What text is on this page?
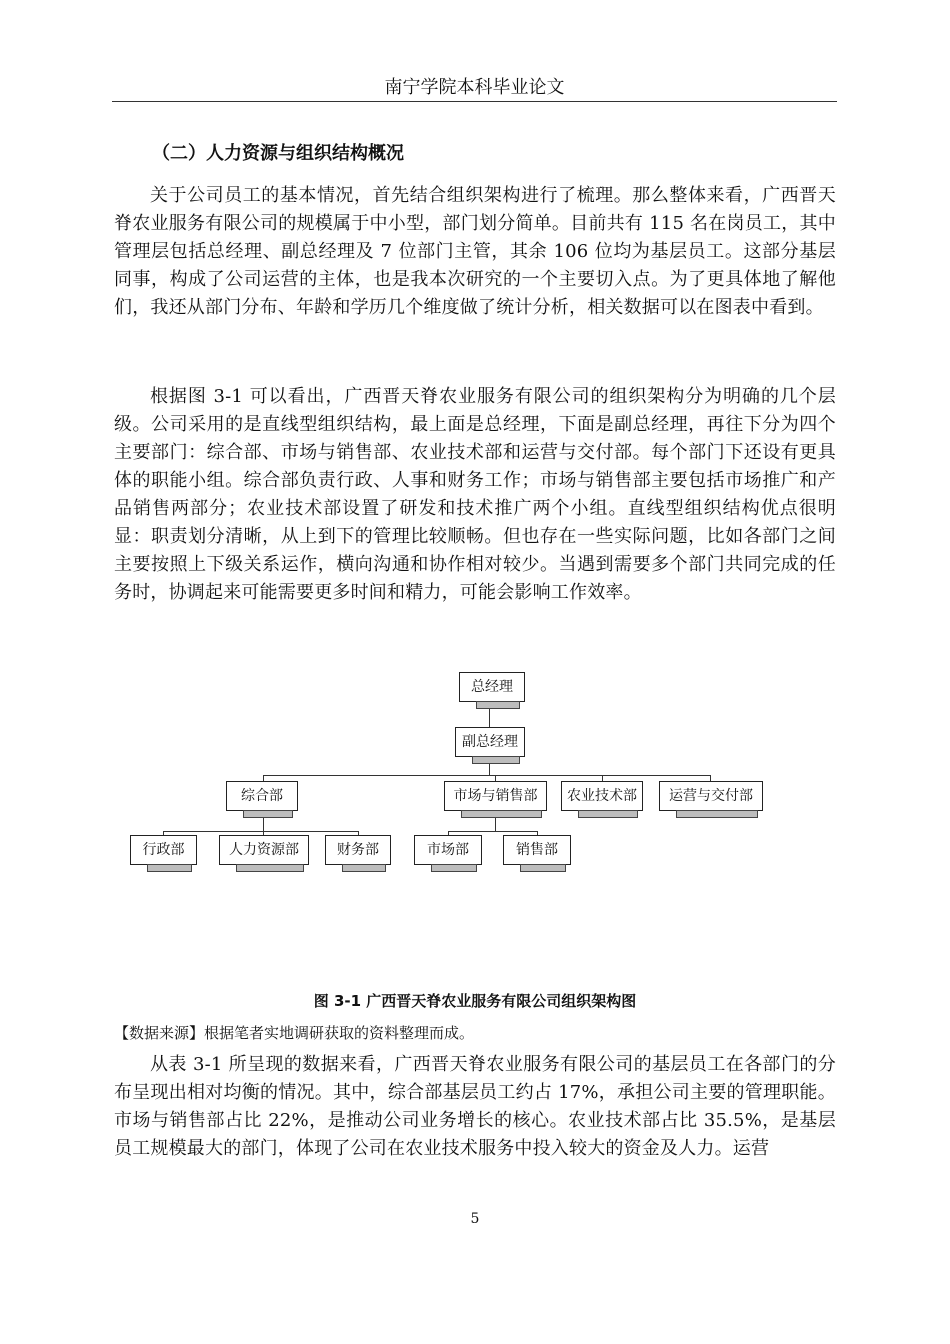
南宁学院本科毕业论文
（二）人力资源与组织结构概况

关于公司员工的基本情况，首先结合组织架构进行了梳理。那么整体来看，广西晋天脊农业服务有限公司的规模属于中小型，部门划分简单。目前共有 115 名在岗员工，其中管理层包括总经理、副总经理及 7 位部门主管，其余 106 位均为基层员工。这部分基层同事，构成了公司运营的主体，也是我本次研究的一个主要切入点。为了更具体地了解他们，我还从部门分布、年龄和学历几个维度做了统计分析，相关数据可以在图表中看到。

根据图 3-1 可以看出，广西晋天脊农业服务有限公司的组织架构分为明确的几个层级。公司采用的是直线型组织结构，最上面是总经理，下面是副总经理，再往下分为四个主要部门：综合部、市场与销售部、农业技术部和运营与交付部。每个部门下还设有更具体的职能小组。综合部负责行政、人事和财务工作；市场与销售部主要包括市场推广和产品销售两部分；农业技术部设置了研发和技术推广两个小组。直线型组织结构优点很明显：职责划分清晰，从上到下的管理比较顺畅。但也存在一些实际问题，比如各部门之间主要按照上下级关系运作，横向沟通和协作相对较少。当遇到需要多个部门共同完成的任务时，协调起来可能需要更多时间和精力，可能会影响工作效率。

总经理
副总经理
综合部	市场与销售部	农业技术部	运营与交付部
行政部	人力资源部	财务部	市场部	销售部
图 3-1 广西晋天脊农业服务有限公司组织架构图
【数据来源】根据笔者实地调研获取的资料整理而成。

从表 3-1 所呈现的数据来看，广西晋天脊农业服务有限公司的基层员工在各部门的分布呈现出相对均衡的情况。其中，综合部基层员工约占 17%，承担公司主要的管理职能。市场与销售部占比 22%，是推动公司业务增长的核心。农业技术部占比 35.5%，是基层员工规模最大的部门，体现了公司在农业技术服务中投入较大的资金及人力。运营

5
